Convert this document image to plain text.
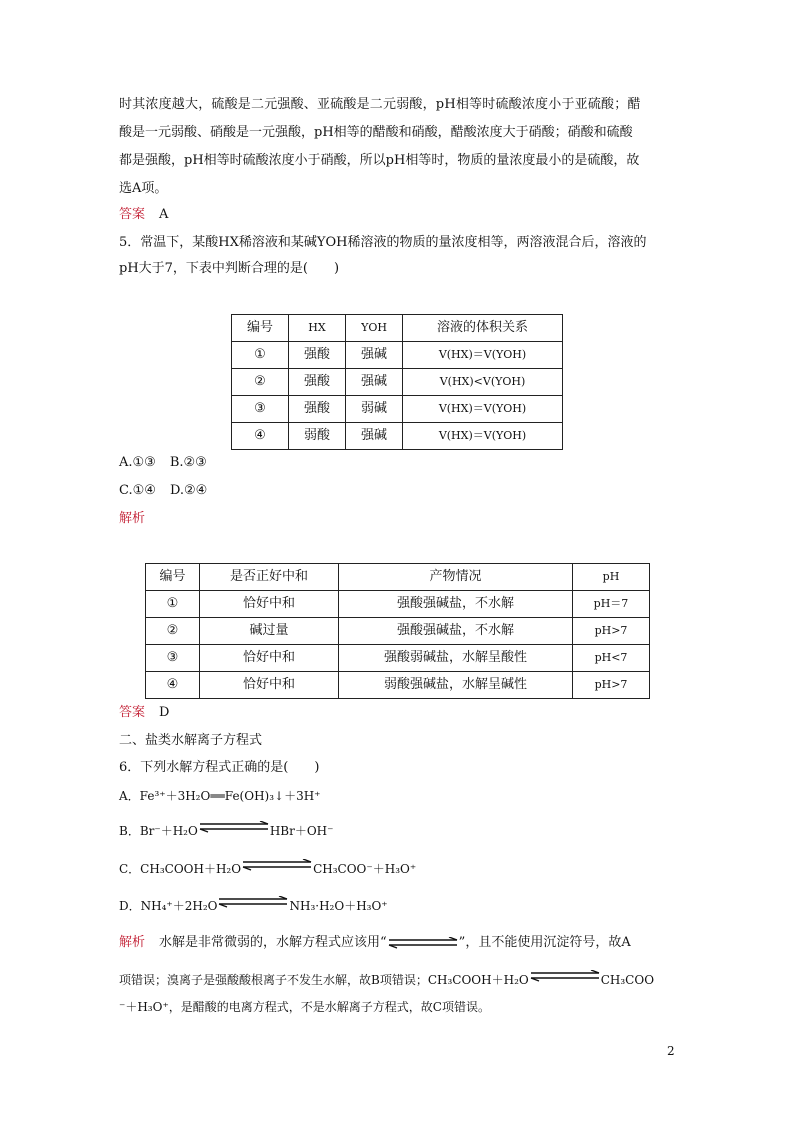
时其浓度越大，硫酸是二元强酸、亚硫酸是二元弱酸，pH相等时硫酸浓度小于亚硫酸；醋
酸是一元弱酸、硝酸是一元强酸，pH相等的醋酸和硝酸，醋酸浓度大于硝酸；硝酸和硫酸
都是强酸，pH相等时硫酸浓度小于硝酸，所以pH相等时，物质的量浓度最小的是硫酸，故
选A项。
答案 A
5．常温下，某酸HX稀溶液和某碱YOH稀溶液的物质的量浓度相等，两溶液混合后，溶液的
pH大于7，下表中判断合理的是(　　)
编号	HX	YOH	溶液的体积关系
①	强酸	强碱	V(HX)＝V(YOH)
②	强酸	强碱	V(HX)<V(YOH)
③	强酸	弱碱	V(HX)＝V(YOH)
④	弱酸	强碱	V(HX)＝V(YOH)
A.①③ B.②③
C.①④ D.②④
解析
编号	是否正好中和	产物情况	pH
①	恰好中和	强酸强碱盐，不水解	pH＝7
②	碱过量	强酸强碱盐，不水解	pH>7
③	恰好中和	强酸弱碱盐，水解呈酸性	pH<7
④	恰好中和	弱酸强碱盐，水解呈碱性	pH>7
答案 D
二、盐类水解离子方程式
6．下列水解方程式正确的是(　　)
A．Fe³⁺＋3H₂O══Fe(OH)₃↓＋3H⁺
B．Br⁻＋H₂O	HBr＋OH⁻
C．CH₃COOH＋H₂O	CH₃COO⁻＋H₃O⁺
D．NH₄⁺＋2H₂O	NH₃·H₂O＋H₃O⁺
解析 水解是非常微弱的，水解方程式应该用“	”，且不能使用沉淀符号，故A
项错误；溴离子是强酸酸根离子不发生水解，故B项错误；CH₃COOH＋H₂O	CH₃COO
⁻＋H₃O⁺，是醋酸的电离方程式，不是水解离子方程式，故C项错误。
2
